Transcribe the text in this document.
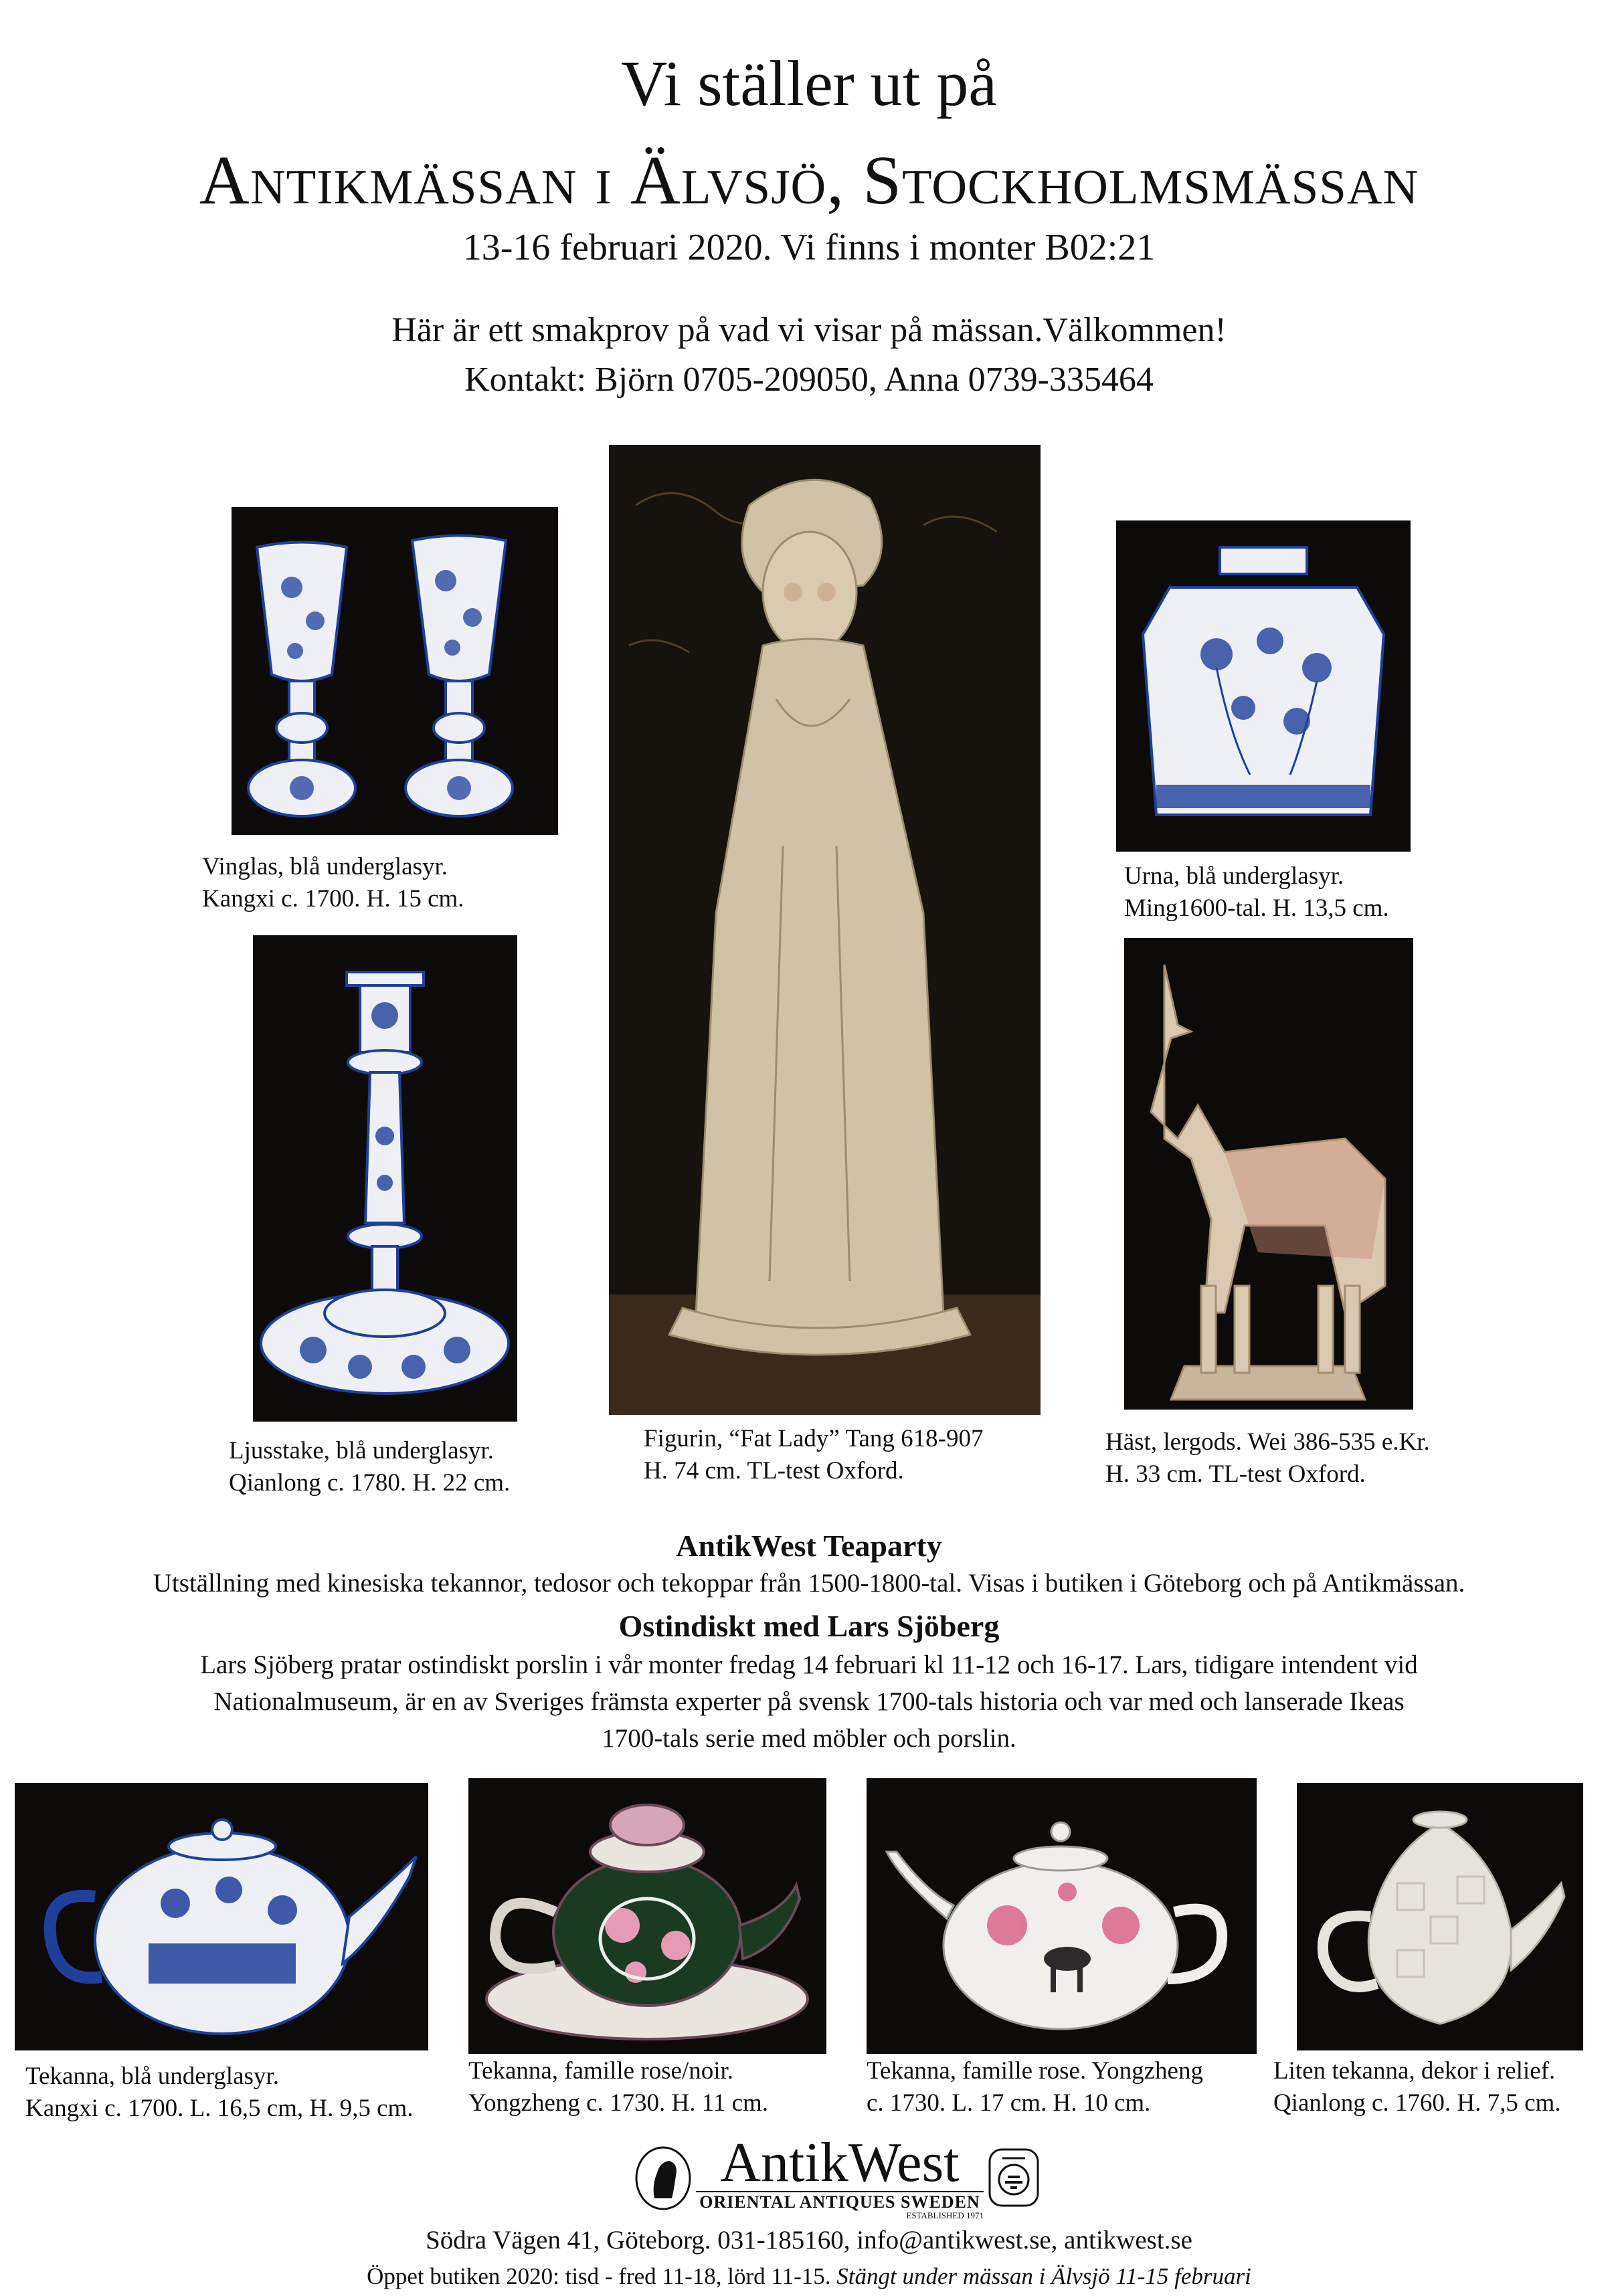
Vi ställer ut på
Antikmässan i Älvsjö, Stockholmsmässan
13-16 februari 2020. Vi finns i monter B02:21
Här är ett smakprov på vad vi visar på mässan.Välkommen!
Kontakt: Björn 0705-209050, Anna 0739-335464
Vinglas, blå underglasyr.
Kangxi c. 1700. H. 15 cm.
Figurin, “Fat Lady” Tang 618-907
H. 74 cm. TL-test Oxford.
Urna, blå underglasyr.
Ming1600-tal. H. 13,5 cm.
Ljusstake, blå underglasyr.
Qianlong c. 1780. H. 22 cm.
Häst, lergods. Wei 386-535 e.Kr.
H. 33 cm. TL-test Oxford.
AntikWest Teaparty
Utställning med kinesiska tekannor, tedosor och tekoppar från 1500-1800-tal. Visas i butiken i Göteborg och på Antikmässan.
Ostindiskt med Lars Sjöberg
Lars Sjöberg pratar ostindiskt porslin i vår monter fredag 14 februari kl 11-12 och 16-17. Lars, tidigare intendent vid
Nationalmuseum, är en av Sveriges främsta experter på svensk 1700-tals historia och var med och lanserade Ikeas
1700-tals serie med möbler och porslin.
Tekanna, blå underglasyr.
Kangxi c. 1700. L. 16,5 cm, H. 9,5 cm.
Tekanna, famille rose/noir.
Yongzheng c. 1730. H. 11 cm.
Tekanna, famille rose. Yongzheng
c. 1730. L. 17 cm. H. 10 cm.
Liten tekanna, dekor i relief.
Qianlong c. 1760. H. 7,5 cm.
AntikWest
ORIENTAL ANTIQUES SWEDEN
ESTABLISHED 1971
Södra Vägen 41, Göteborg. 031-185160, info@antikwest.se, antikwest.se
Öppet butiken 2020: tisd - fred 11-18, lörd 11-15. Stängt under mässan i Älvsjö 11-15 februari
